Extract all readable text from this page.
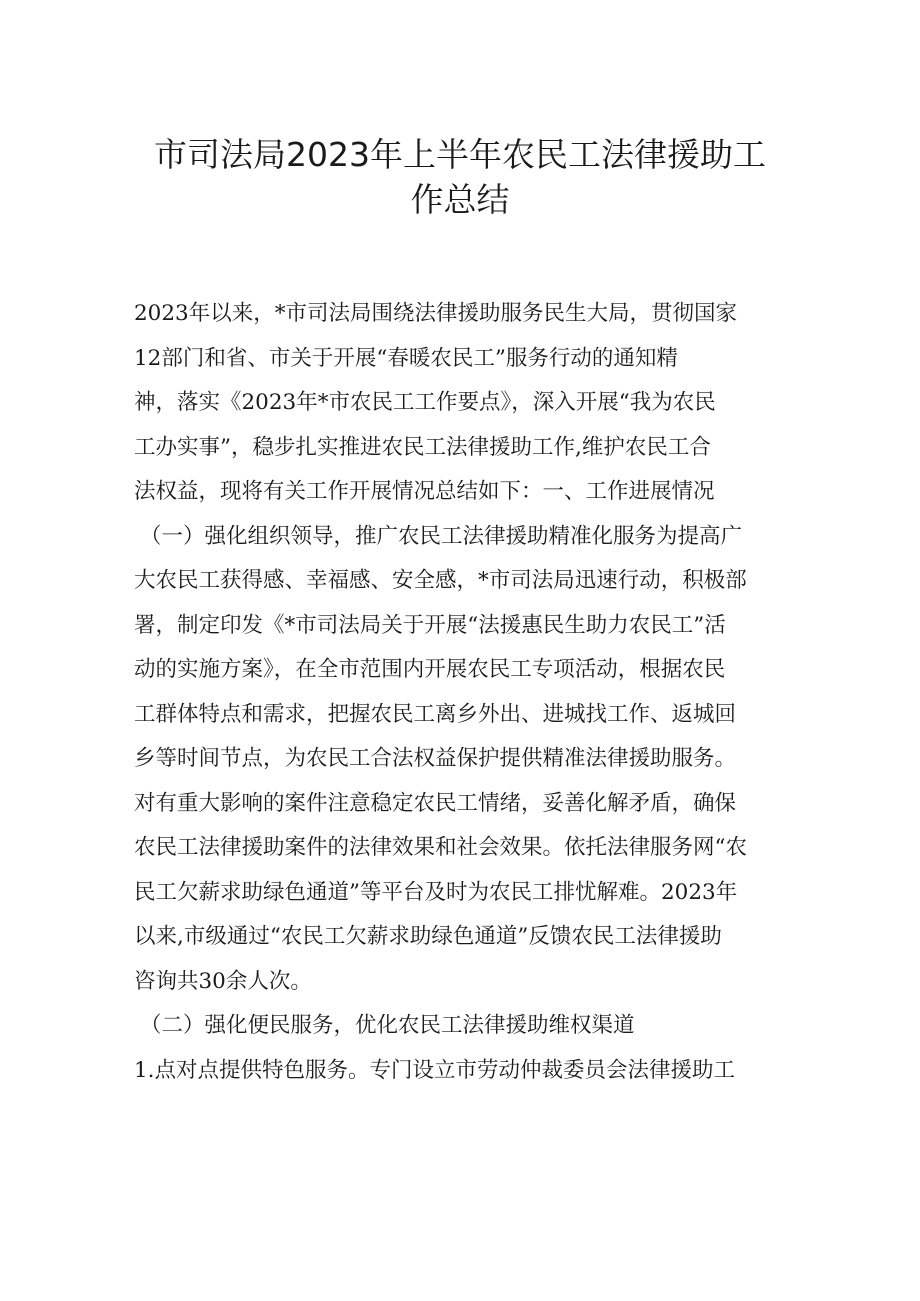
市司法局2023年上半年农民工法律援助工
作总结
2023年以来，*市司法局围绕法律援助服务民生大局，贯彻国家
12部门和省、市关于开展“春暖农民工”服务行动的通知精
神，落实《2023年*市农民工工作要点》，深入开展“我为农民
工办实事”，稳步扎实推进农民工法律援助工作,维护农民工合
法权益，现将有关工作开展情况总结如下：一、工作进展情况
（一）强化组织领导，推广农民工法律援助精准化服务为提高广
大农民工获得感、幸福感、安全感，*市司法局迅速行动，积极部
署，制定印发《*市司法局关于开展“法援惠民生助力农民工”活
动的实施方案》，在全市范围内开展农民工专项活动，根据农民
工群体特点和需求，把握农民工离乡外出、进城找工作、返城回
乡等时间节点，为农民工合法权益保护提供精准法律援助服务。
对有重大影响的案件注意稳定农民工情绪，妥善化解矛盾，确保
农民工法律援助案件的法律效果和社会效果。依托法律服务网“农
民工欠薪求助绿色通道”等平台及时为农民工排忧解难。2023年
以来,市级通过“农民工欠薪求助绿色通道”反馈农民工法律援助
咨询共30余人次。
（二）强化便民服务，优化农民工法律援助维权渠道
1.点对点提供特色服务。专门设立市劳动仲裁委员会法律援助工
